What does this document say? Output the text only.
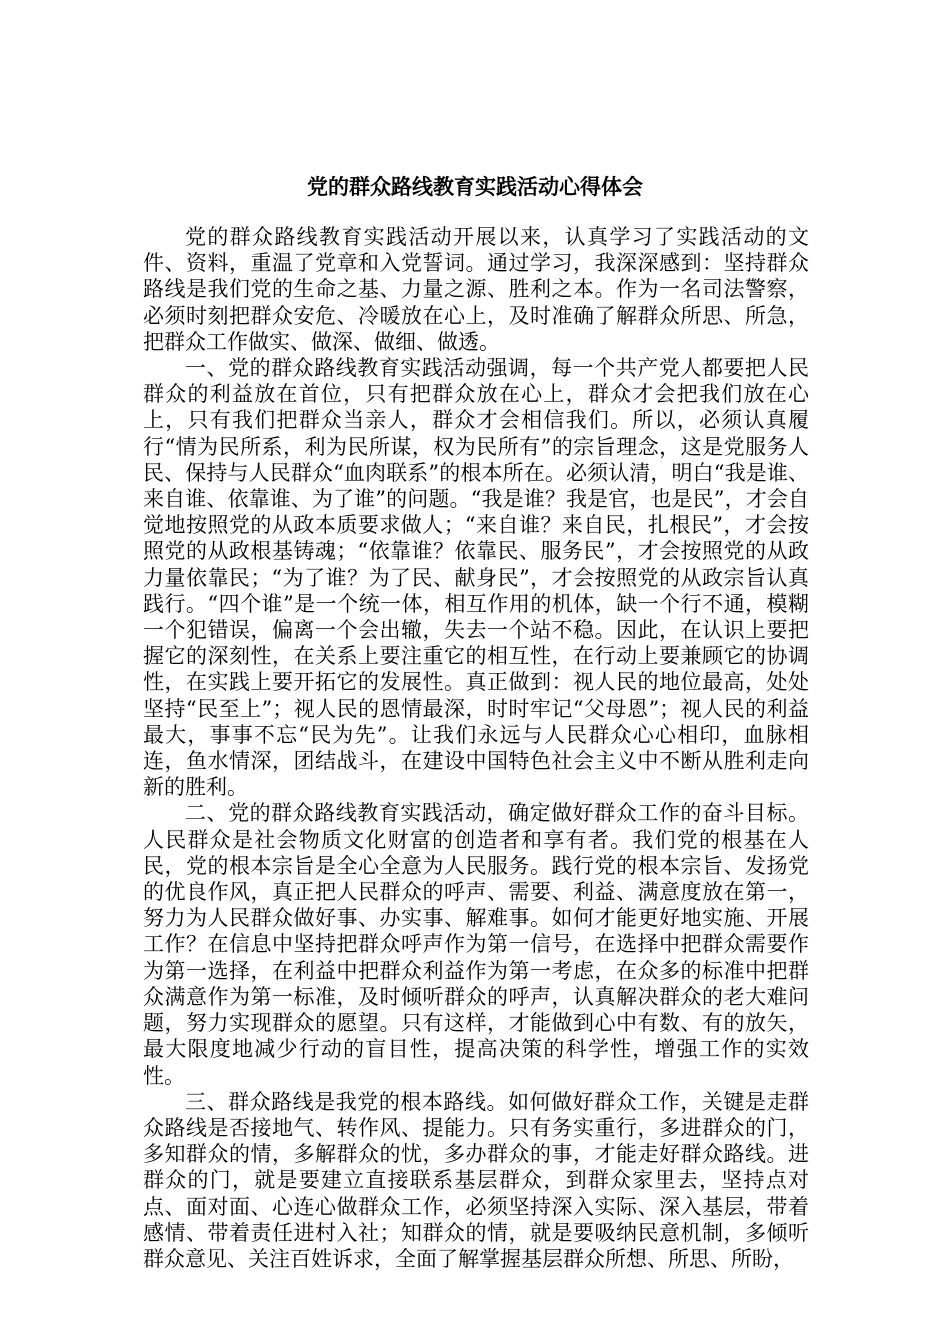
党的群众路线教育实践活动心得体会

党的群众路线教育实践活动开展以来，认真学习了实践活动的文件、资料，重温了党章和入党誓词。通过学习，我深深感到：坚持群众路线是我们党的生命之基、力量之源、胜利之本。作为一名司法警察，必须时刻把群众安危、冷暖放在心上，及时准确了解群众所思、所急，把群众工作做实、做深、做细、做透。

一、党的群众路线教育实践活动强调，每一个共产党人都要把人民群众的利益放在首位，只有把群众放在心上，群众才会把我们放在心上，只有我们把群众当亲人，群众才会相信我们。所以，必须认真履行“情为民所系，利为民所谋，权为民所有”的宗旨理念，这是党服务人民、保持与人民群众“血肉联系”的根本所在。必须认清，明白“我是谁、来自谁、依靠谁、为了谁”的问题。“我是谁？我是官，也是民”，才会自觉地按照党的从政本质要求做人；“来自谁？来自民，扎根民”，才会按照党的从政根基铸魂；“依靠谁？依靠民、服务民”，才会按照党的从政力量依靠民；“为了谁？为了民、献身民”，才会按照党的从政宗旨认真践行。“四个谁”是一个统一体，相互作用的机体，缺一个行不通，模糊一个犯错误，偏离一个会出辙，失去一个站不稳。因此，在认识上要把握它的深刻性，在关系上要注重它的相互性，在行动上要兼顾它的协调性，在实践上要开拓它的发展性。真正做到：视人民的地位最高，处处坚持“民至上”；视人民的恩情最深，时时牢记“父母恩”；视人民的利益最大，事事不忘“民为先”。让我们永远与人民群众心心相印，血脉相连，鱼水情深，团结战斗，在建设中国特色社会主义中不断从胜利走向新的胜利。

二、党的群众路线教育实践活动，确定做好群众工作的奋斗目标。人民群众是社会物质文化财富的创造者和享有者。我们党的根基在人民，党的根本宗旨是全心全意为人民服务。践行党的根本宗旨、发扬党的优良作风，真正把人民群众的呼声、需要、利益、满意度放在第一，努力为人民群众做好事、办实事、解难事。如何才能更好地实施、开展工作？在信息中坚持把群众呼声作为第一信号，在选择中把群众需要作为第一选择，在利益中把群众利益作为第一考虑，在众多的标准中把群众满意作为第一标准，及时倾听群众的呼声，认真解决群众的老大难问题，努力实现群众的愿望。只有这样，才能做到心中有数、有的放矢，最大限度地减少行动的盲目性，提高决策的科学性，增强工作的实效性。

三、群众路线是我党的根本路线。如何做好群众工作，关键是走群众路线是否接地气、转作风、提能力。只有务实重行，多进群众的门，多知群众的情，多解群众的忧，多办群众的事，才能走好群众路线。进群众的门，就是要建立直接联系基层群众，到群众家里去，坚持点对点、面对面、心连心做群众工作，必须坚持深入实际、深入基层，带着感情、带着责任进村入社；知群众的情，就是要吸纳民意机制，多倾听群众意见、关注百姓诉求，全面了解掌握基层群众所想、所思、所盼，
